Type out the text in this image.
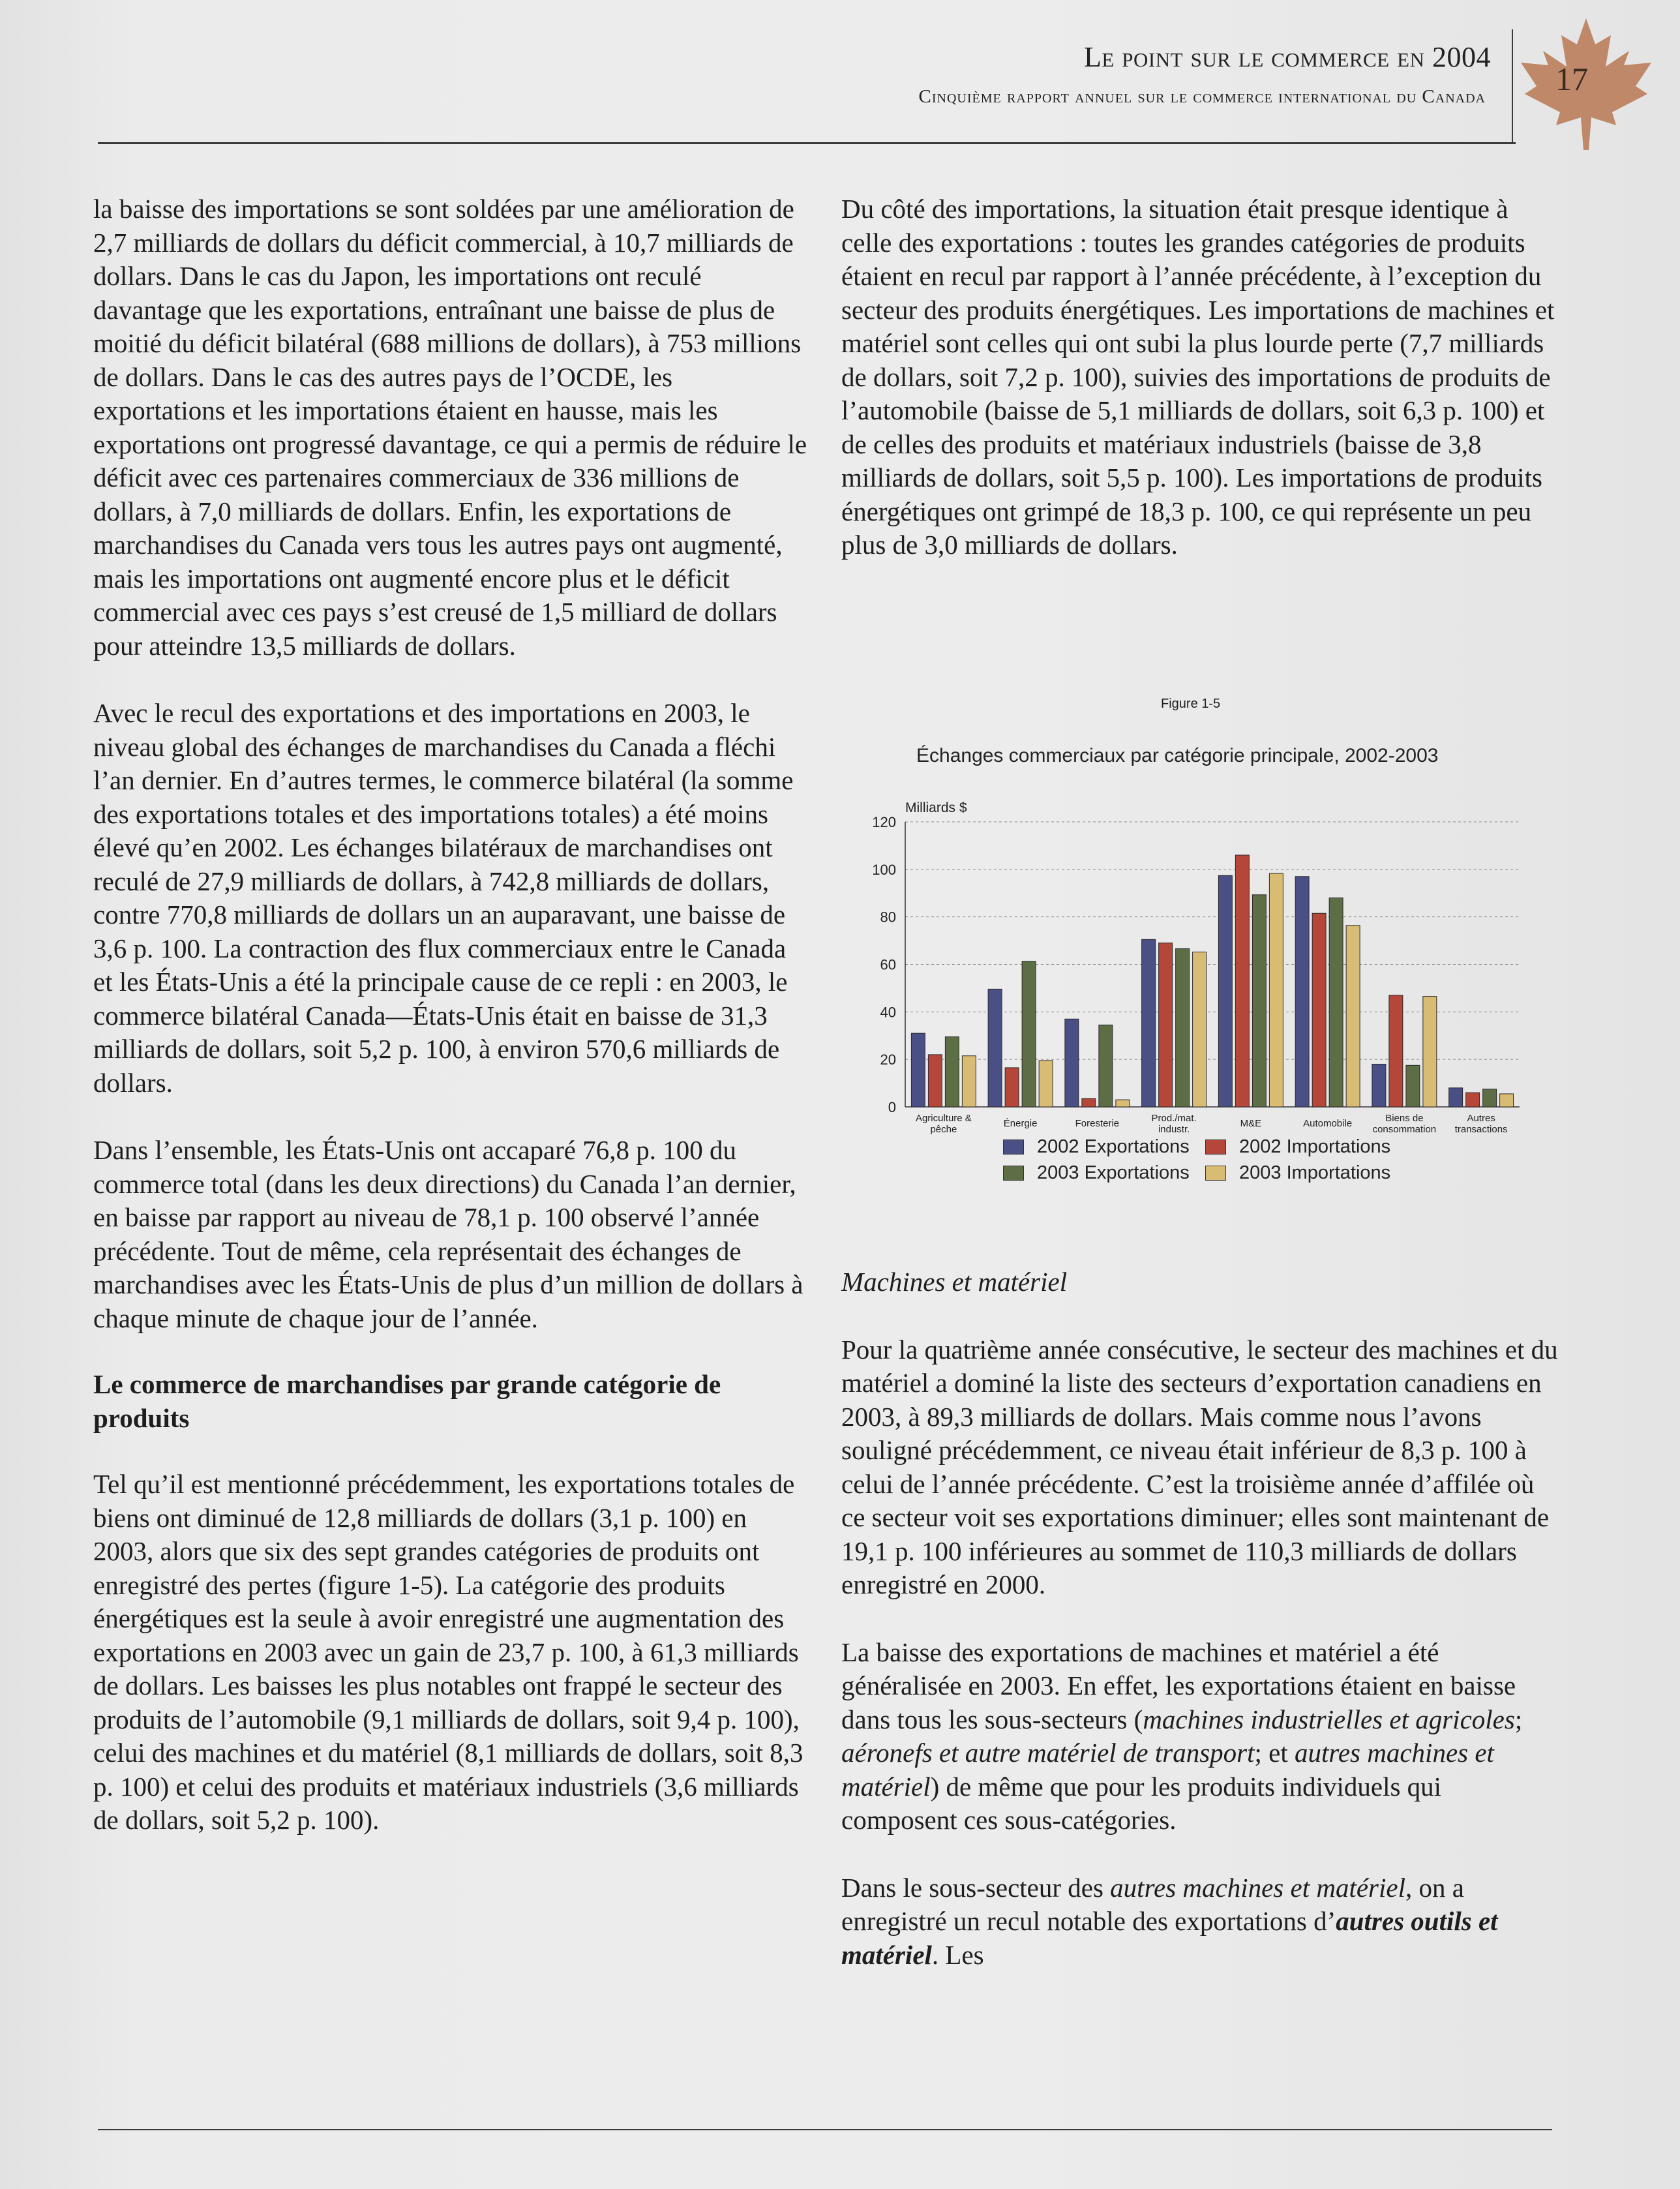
Le point sur le commerce en 2004
Cinquième rapport annuel sur le commerce international du Canada 17

la baisse des importations se sont soldées par une amélioration de 2,7 milliards de dollars du déficit commercial, à 10,7 milliards de dollars. Dans le cas du Japon, les importations ont reculé davantage que les exportations, entraînant une baisse de plus de moitié du déficit bilatéral (688 millions de dollars), à 753 millions de dollars. Dans le cas des autres pays de l’OCDE, les exportations et les importations étaient en hausse, mais les exportations ont progressé davantage, ce qui a permis de réduire le déficit avec ces partenaires commerciaux de 336 millions de dollars, à 7,0 milliards de dollars. Enfin, les exportations de marchandises du Canada vers tous les autres pays ont augmenté, mais les importations ont augmenté encore plus et le déficit commercial avec ces pays s’est creusé de 1,5 milliard de dollars pour atteindre 13,5 milliards de dollars.

Avec le recul des exportations et des importations en 2003, le niveau global des échanges de marchandises du Canada a fléchi l’an dernier. En d’autres termes, le commerce bilatéral (la somme des exportations totales et des importations totales) a été moins élevé qu’en 2002. Les échanges bilatéraux de marchandises ont reculé de 27,9 milliards de dollars, à 742,8 milliards de dollars, contre 770,8 milliards de dollars un an auparavant, une baisse de 3,6 p. 100. La contraction des flux commerciaux entre le Canada et les États-Unis a été la principale cause de ce repli : en 2003, le commerce bilatéral Canada—États-Unis était en baisse de 31,3 milliards de dollars, soit 5,2 p. 100, à environ 570,6 milliards de dollars.

Dans l’ensemble, les États-Unis ont accaparé 76,8 p. 100 du commerce total (dans les deux directions) du Canada l’an dernier, en baisse par rapport au niveau de 78,1 p. 100 observé l’année précédente. Tout de même, cela représentait des échanges de marchandises avec les États-Unis de plus d’un million de dollars à chaque minute de chaque jour de l’année.

Le commerce de marchandises par grande catégorie de produits

Tel qu’il est mentionné précédemment, les exportations totales de biens ont diminué de 12,8 milliards de dollars (3,1 p. 100) en 2003, alors que six des sept grandes catégories de produits ont enregistré des pertes (figure 1-5). La catégorie des produits énergétiques est la seule à avoir enregistré une augmentation des exportations en 2003 avec un gain de 23,7 p. 100, à 61,3 milliards de dollars. Les baisses les plus notables ont frappé le secteur des produits de l’automobile (9,1 milliards de dollars, soit 9,4 p. 100), celui des machines et du matériel (8,1 milliards de dollars, soit 8,3 p. 100) et celui des produits et matériaux industriels (3,6 milliards de dollars, soit 5,2 p. 100).

Du côté des importations, la situation était presque identique à celle des exportations : toutes les grandes catégories de produits étaient en recul par rapport à l’année précédente, à l’exception du secteur des produits énergétiques. Les importations de machines et matériel sont celles qui ont subi la plus lourde perte (7,7 milliards de dollars, soit 7,2 p. 100), suivies des importations de produits de l’automobile (baisse de 5,1 milliards de dollars, soit 6,3 p. 100) et de celles des produits et matériaux industriels (baisse de 3,8 milliards de dollars, soit 5,5 p. 100). Les importations de produits énergétiques ont grimpé de 18,3 p. 100, ce qui représente un peu plus de 3,0 milliards de dollars.

Figure 1-5
Échanges commerciaux par catégorie principale, 2002-2003
Milliards $
0
20
40
60
80
100
120
Agriculture & pêche
Énergie	Foresterie	Prod./mat. industr.
M&E	Automobile	Biens de consommation
Autres transactions
2002 Exportations	2002 Importations
2003 Exportations	2003 Importations

Machines et matériel

Pour la quatrième année consécutive, le secteur des machines et du matériel a dominé la liste des secteurs d’exportation canadiens en 2003, à 89,3 milliards de dollars. Mais comme nous l’avons souligné précédemment, ce niveau était inférieur de 8,3 p. 100 à celui de l’année précédente. C’est la troisième année d’affilée où ce secteur voit ses exportations diminuer; elles sont maintenant de 19,1 p. 100 inférieures au sommet de 110,3 milliards de dollars enregistré en 2000.

La baisse des exportations de machines et matériel a été généralisée en 2003. En effet, les exportations étaient en baisse dans tous les sous-secteurs (machines industrielles et agricoles; aéronefs et autre matériel de transport; et autres machines et matériel) de même que pour les produits individuels qui composent ces sous-catégories.

Dans le sous-secteur des autres machines et matériel, on a enregistré un recul notable des exportations d’autres outils et matériel. Les
